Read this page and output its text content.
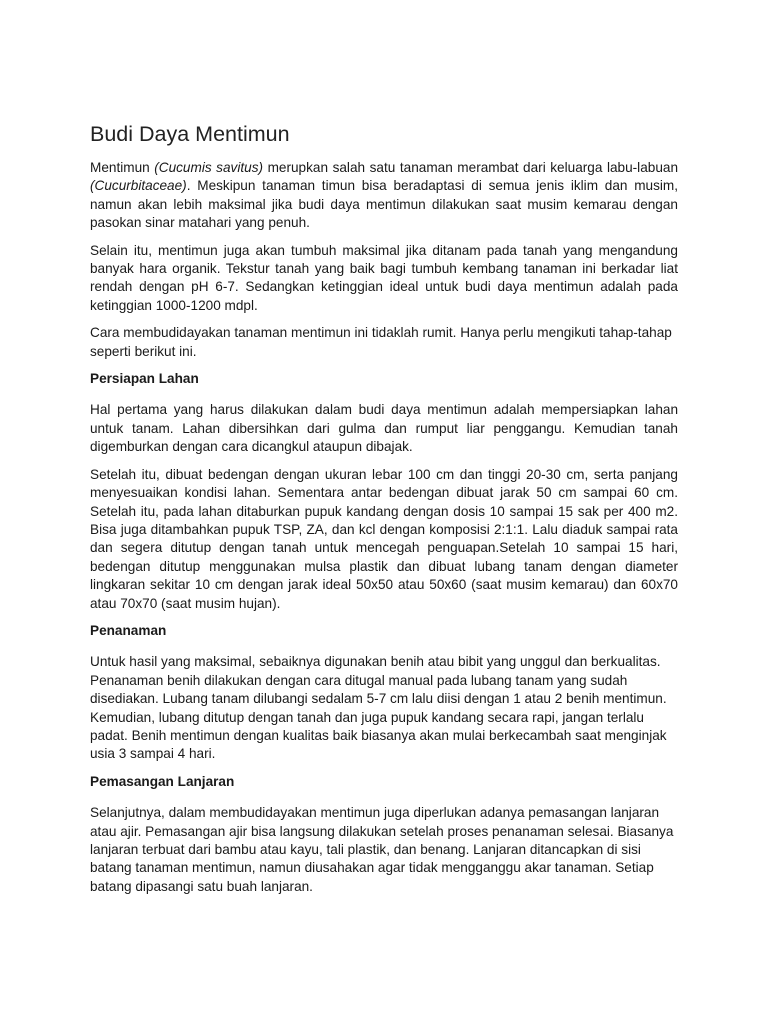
Budi Daya Mentimun

Mentimun (Cucumis savitus) merupkan salah satu tanaman merambat dari keluarga labu-labuan (Cucurbitaceae). Meskipun tanaman timun bisa beradaptasi di semua jenis iklim dan musim, namun akan lebih maksimal jika budi daya mentimun dilakukan saat musim kemarau dengan pasokan sinar matahari yang penuh.

Selain itu, mentimun juga akan tumbuh maksimal jika ditanam pada tanah yang mengandung banyak hara organik. Tekstur tanah yang baik bagi tumbuh kembang tanaman ini berkadar liat rendah dengan pH 6-7. Sedangkan ketinggian ideal untuk budi daya mentimun adalah pada ketinggian 1000-1200 mdpl.

Cara membudidayakan tanaman mentimun ini tidaklah rumit. Hanya perlu mengikuti tahap-tahap seperti berikut ini.

Persiapan Lahan

Hal pertama yang harus dilakukan dalam budi daya mentimun adalah mempersiapkan lahan untuk tanam. Lahan dibersihkan dari gulma dan rumput liar penggangu. Kemudian tanah digemburkan dengan cara dicangkul ataupun dibajak.

Setelah itu, dibuat bedengan dengan ukuran lebar 100 cm dan tinggi 20-30 cm, serta panjang menyesuaikan kondisi lahan. Sementara antar bedengan dibuat jarak 50 cm sampai 60 cm. Setelah itu, pada lahan ditaburkan pupuk kandang dengan dosis 10 sampai 15 sak per 400 m2. Bisa juga ditambahkan pupuk TSP, ZA, dan kcl dengan komposisi 2:1:1. Lalu diaduk sampai rata dan segera ditutup dengan tanah untuk mencegah penguapan.Setelah 10 sampai 15 hari, bedengan ditutup menggunakan mulsa plastik dan dibuat lubang tanam dengan diameter lingkaran sekitar 10 cm dengan jarak ideal 50x50 atau 50x60 (saat musim kemarau) dan 60x70 atau 70x70 (saat musim hujan).

Penanaman

Untuk hasil yang maksimal, sebaiknya digunakan benih atau bibit yang unggul dan berkualitas. Penanaman benih dilakukan dengan cara ditugal manual pada lubang tanam yang sudah disediakan. Lubang tanam dilubangi sedalam 5-7 cm lalu diisi dengan 1 atau 2 benih mentimun. Kemudian, lubang ditutup dengan tanah dan juga pupuk kandang secara rapi, jangan terlalu padat. Benih mentimun dengan kualitas baik biasanya akan mulai berkecambah saat menginjak usia 3 sampai 4 hari.

Pemasangan Lanjaran

Selanjutnya, dalam membudidayakan mentimun juga diperlukan adanya pemasangan lanjaran atau ajir. Pemasangan ajir bisa langsung dilakukan setelah proses penanaman selesai. Biasanya lanjaran terbuat dari bambu atau kayu, tali plastik, dan benang. Lanjaran ditancapkan di sisi batang tanaman mentimun, namun diusahakan agar tidak mengganggu akar tanaman. Setiap batang dipasangi satu buah lanjaran.
